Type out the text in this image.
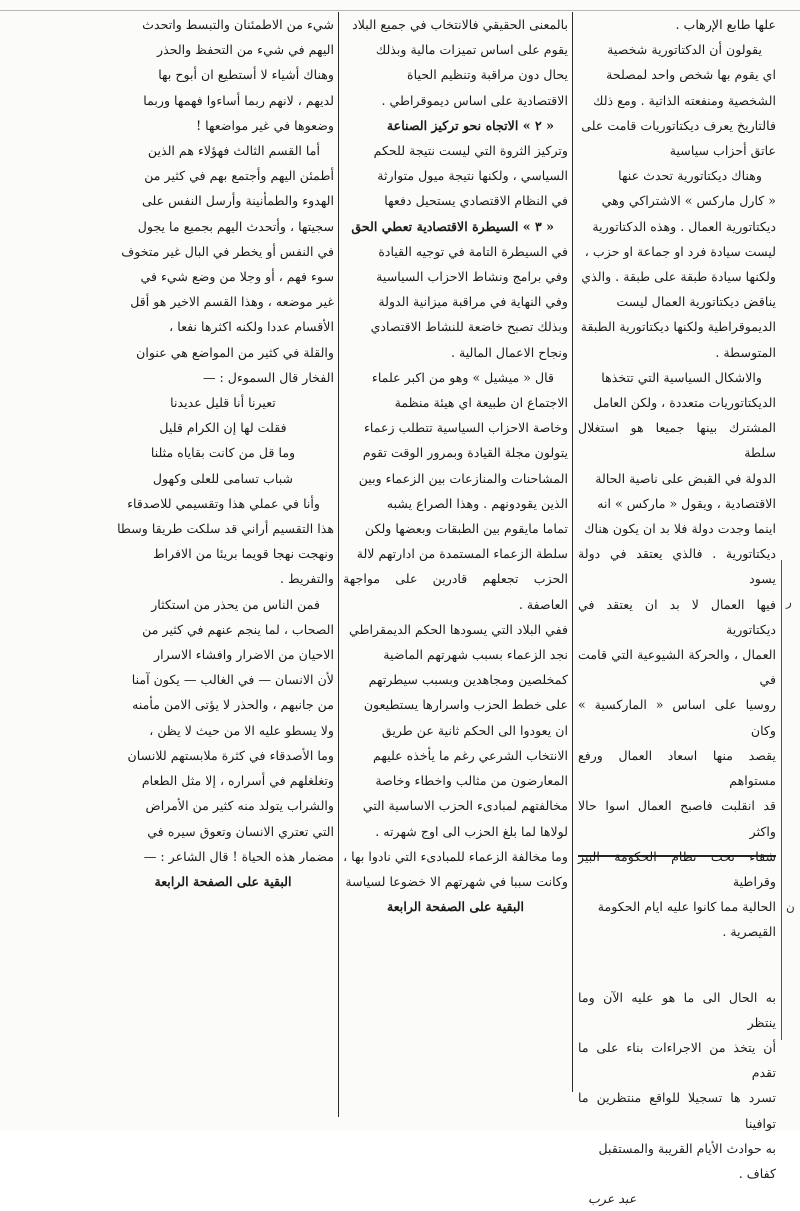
ر
ن

علها طابع الإرهاب .

يقولون أن الدكتاتورية شخصية

اي يقوم بها شخص واحد لمصلحة

الشخصية ومنفعته الذاتية . ومع ذلك

فالتاريخ يعرف ديكتاتوريات قامت على

عاتق أحزاب سياسية

وهناك ديكتاتورية تحدث عنها

« كارل ماركس » الاشتراكي وهي

ديكتاتورية العمال . وهذه الدكتاتورية

ليست سيادة فرد او جماعة او حزب ،

ولكنها سيادة طبقة على طبقة . والذي

يناقض ديكتاتورية العمال ليست

الديموقراطية ولكنها ديكتاتورية الطبقة

المتوسطة .

والاشكال السياسية التي تتخذها

الديكتاتوريات متعددة ، ولكن العامل

المشترك بينها جميعا هو استغلال سلطة

الدولة في القبض على ناصية الحالة

الاقتصادية ، ويقول « ماركس » انه

اينما وجدت دولة فلا بد ان يكون هناك

ديكتاتورية . فالذي يعتقد في دولة يسود

فيها العمال لا بد ان يعتقد في ديكتاتورية

العمال ، والحركة الشيوعية التي قامت في

روسيا على اساس « الماركسية » وكان

يقصد منها اسعاد العمال ورفع مستواهم

قد انقلبت فاصبح العمال اسوا حالا واكثر

شقاء تحت نظام الحكومة البير وقراطية

الحالية مما كانوا عليه ايام الحكومة

القيصرية .

به الحال الى ما هو عليه الآن وما ينتظر

أن يتخذ من الاجراءات بناء على ما تقدم

تسرد ها تسجيلا للواقع منتظرين ما توافينا

به حوادث الأيام القريبة والمستقبل

كفاف .

عبد عرب

بالمعنى الحقيقي فالانتخاب في جميع البلاد

يقوم على اساس تميزات مالية وبذلك

يحال دون مراقبة وتنظيم الحياة

الاقتصادية على اساس ديموقراطي .

« ٢ » الاتجاه نحو تركيز الصناعة

وتركيز الثروة التي ليست نتيجة للحكم

السياسي ، ولكنها نتيجة ميول متوارثة

في النظام الاقتصادي يستحيل دفعها

« ٣ » السيطرة الاقتصادية تعطي الحق

في السيطرة التامة في توجيه القيادة

وفي برامج ونشاط الاحزاب السياسية

وفي النهاية في مراقبة ميزانية الدولة

وبذلك تصبح خاضعة للنشاط الاقتصادي

ونجاح الاعمال المالية .

قال « ميشيل » وهو من اكبر علماء

الاجتماع ان طبيعة اي هيئة منظمة

وخاصة الاحزاب السياسية تتطلب زعماء

يتولون مجلة القيادة وبمرور الوقت تقوم

المشاحنات والمنازعات بين الزعماء وبين

الذين يقودونهم . وهذا الصراع يشبه

تماما مايقوم بين الطبقات وبعضها ولكن

سلطة الزعماء المستمدة من ادارتهم لالة

الحزب تجعلهم قادرين على مواجهة العاصفة .

ففي البلاد التي يسودها الحكم الديمقراطي

نجد الزعماء بسبب شهرتهم الماضية

كمخلصين ومجاهدين وبسبب سيطرتهم

على خطط الحزب واسرارها يستطيعون

ان يعودوا الى الحكم ثانية عن طريق

الانتخاب الشرعي رغم ما يأخذه عليهم

المعارضون من مثالب واخطاء وخاصة

مخالفتهم لمبادىء الحزب الاساسية التي

لولاها لما بلغ الحزب الى اوج شهرته .

وما مخالفة الزعماء للمبادىء التي نادوا بها ،

وكانت سببا في شهرتهم الا خضوعا لسياسة

البقية على الصفحة الرابعة

شيء من الاطمئنان والتبسط واتحدث

اليهم في شيء من التحفظ والحذر

وهناك أشياء لا أستطيع ان أبوح بها

لديهم ، لانهم ربما أساءوا فهمها وربما

وضعوها في غير مواضعها !

أما القسم الثالث فهؤلاء هم الذين

أطمئن اليهم وأجتمع بهم في كثير من

الهدوء والطمأنينة وأرسل النفس على

سجيتها ، وأتحدث اليهم بجميع ما يجول

في النفس أو يخطر في البال غير متخوف

سوء فهم ، أو وجلا من وضع شيء في

غير موضعه ، وهذا القسم الاخير هو أقل

الأقسام عددا ولكنه اكثرها نفعا ،

والقلة في كثير من المواضع هي عنوان

الفخار قال السموءل : —

تعيرنا أنا قليل عديدنا

فقلت لها إن الكرام قليل

وما قل من كانت بقاياه مثلنا

شباب تسامى للعلى وكهول

وأنا في عملي هذا وتقسيمي للاصدقاء

هذا التقسيم أراني قد سلكت طريقا وسطا

ونهجت نهجا قويما بريئا من الافراط

والتفريط .

فمن الناس من يحذر من استكثار

الصحاب ، لما ينجم عنهم في كثير من

الاحيان من الاضرار وافشاء الاسرار

لأن الانسان — في الغالب — يكون آمنا

من جانبهم ، والحذر لا يؤتى الامن مأمنه

ولا يسطو عليه الا من حيث لا يظن ،

وما الأصدقاء في كثرة ملابستهم للانسان

وتغلغلهم في أسراره ، إلا مثل الطعام

والشراب يتولد منه كثير من الأمراض

التي تعتري الانسان وتعوق سيره في

مضمار هذه الحياة ! قال الشاعر : —

البقية على الصفحة الرابعة
